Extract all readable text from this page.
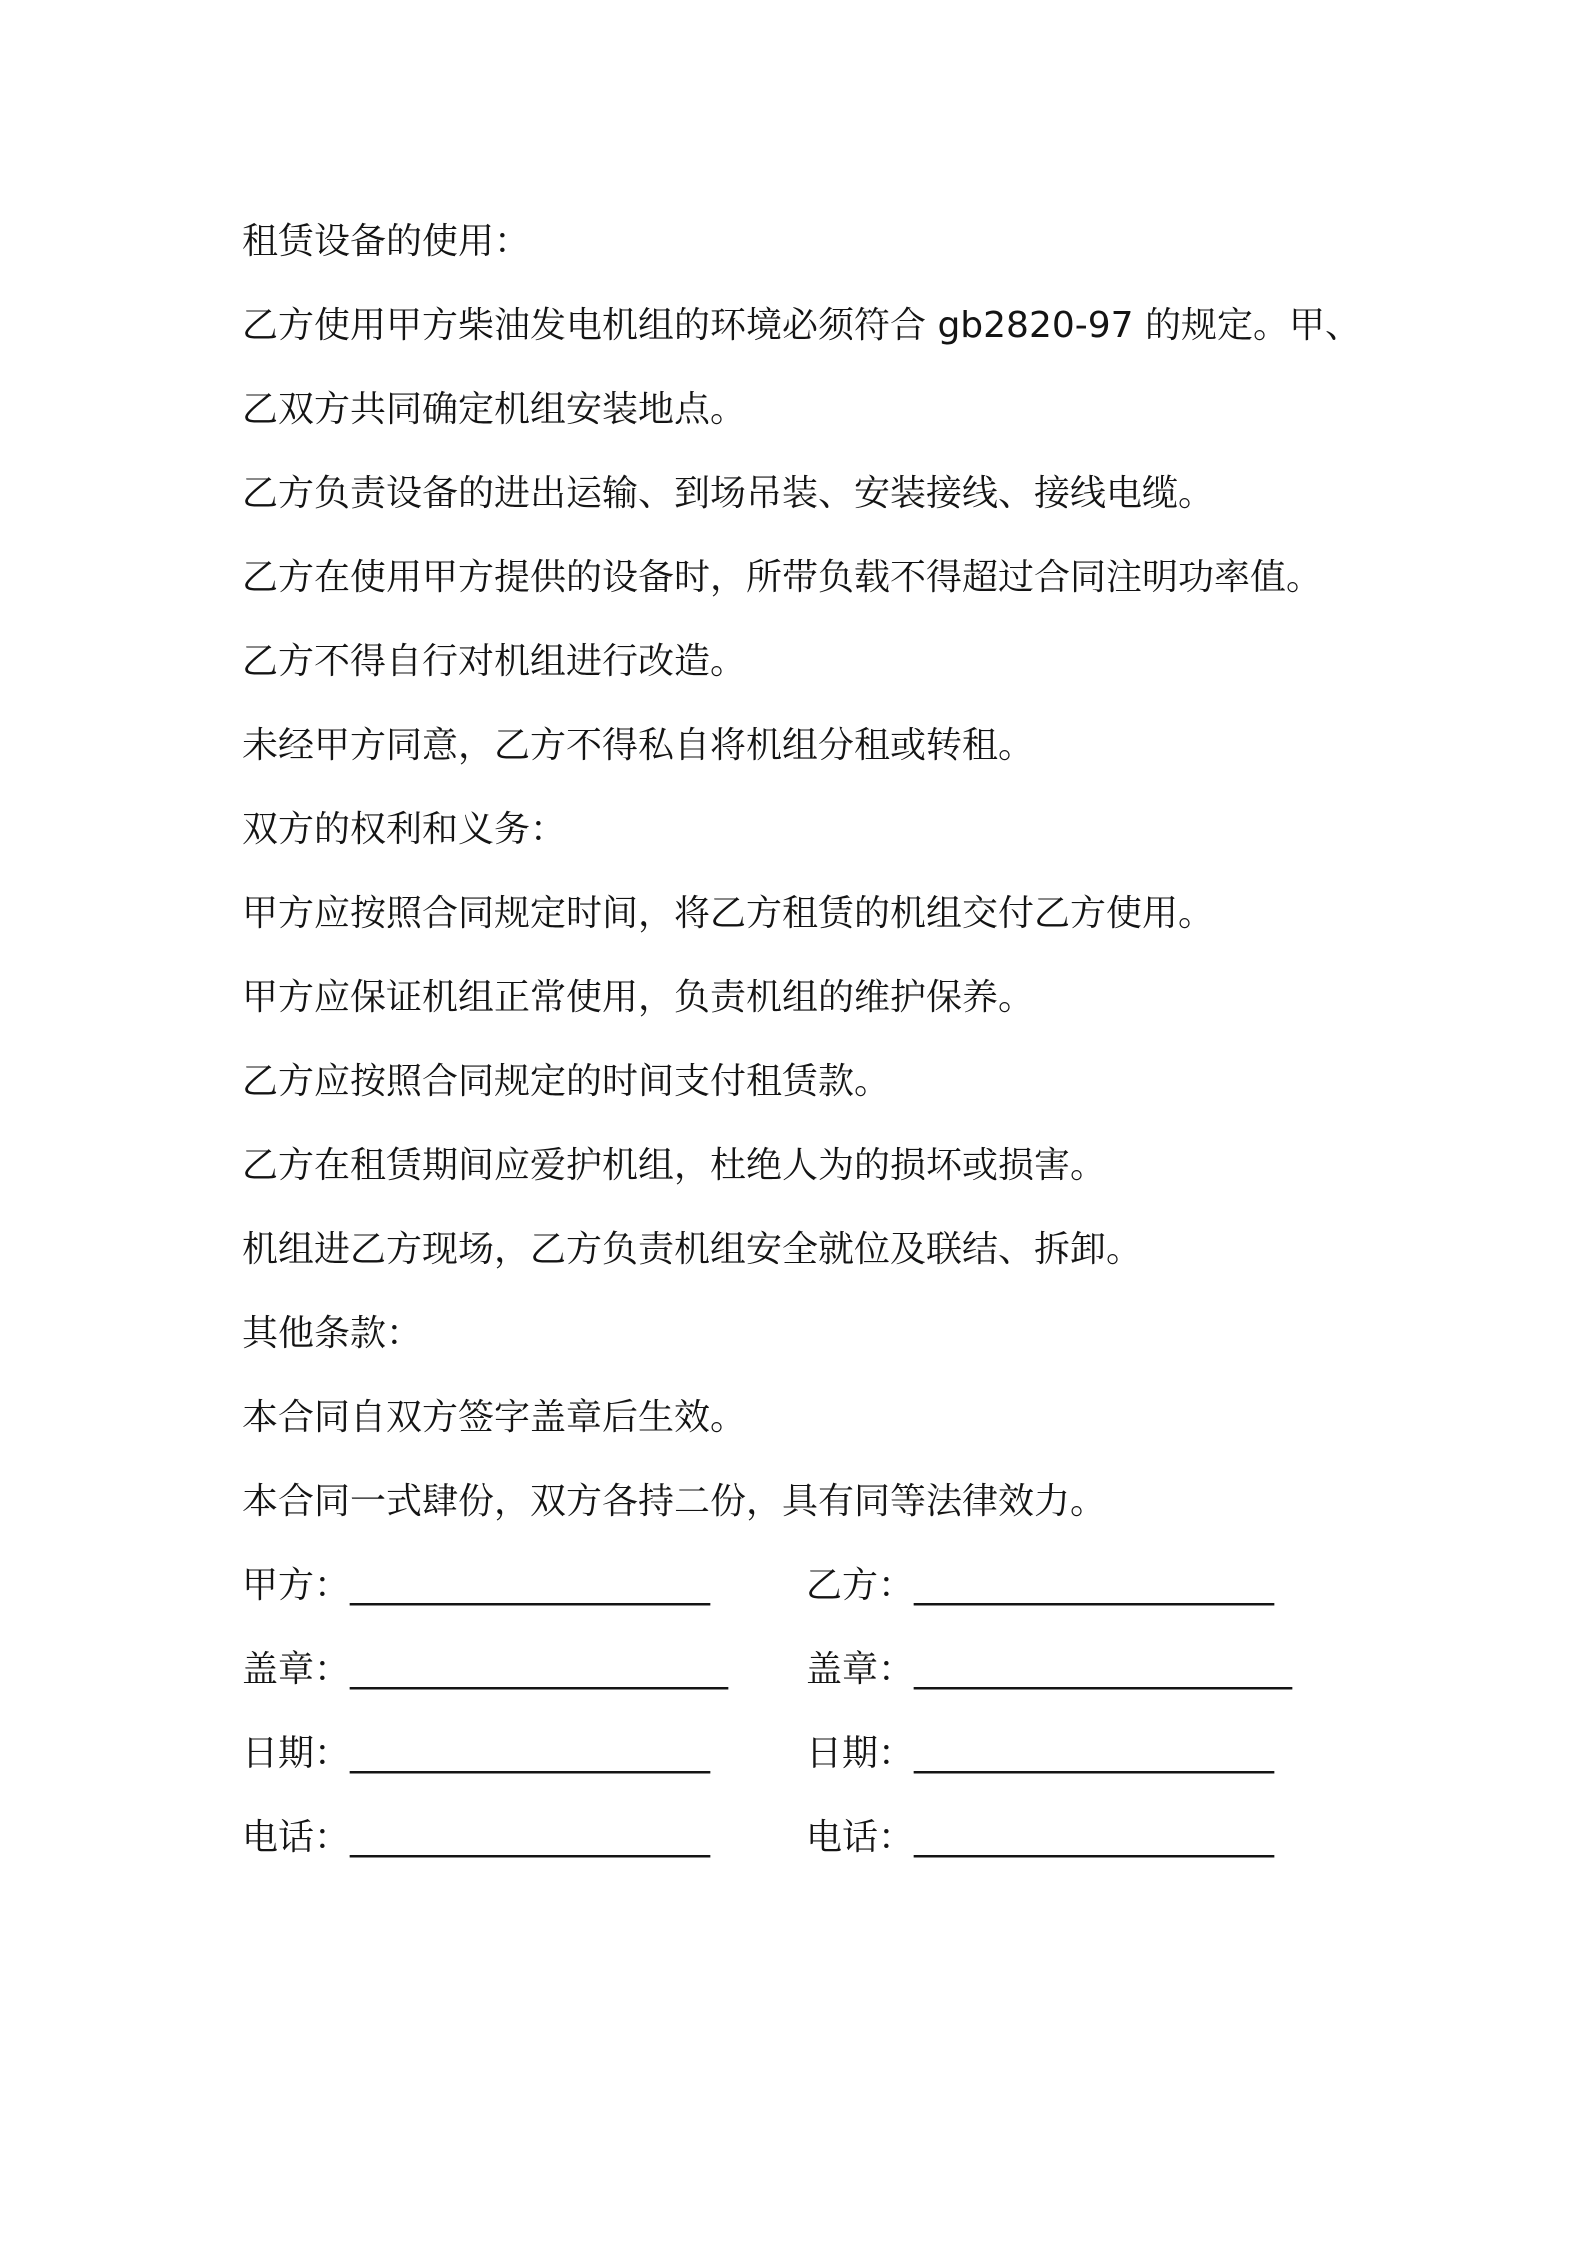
租赁设备的使用：

乙方使用甲方柴油发电机组的环境必须符合 gb2820-97 的规定。甲、

乙双方共同确定机组安装地点。

乙方负责设备的进出运输、到场吊装、安装接线、接线电缆。

乙方在使用甲方提供的设备时，所带负载不得超过合同注明功率值。

乙方不得自行对机组进行改造。

未经甲方同意，乙方不得私自将机组分租或转租。

双方的权利和义务：

甲方应按照合同规定时间，将乙方租赁的机组交付乙方使用。

甲方应保证机组正常使用，负责机组的维护保养。

乙方应按照合同规定的时间支付租赁款。

乙方在租赁期间应爱护机组，杜绝人为的损坏或损害。

机组进乙方现场，乙方负责机组安全就位及联结、拆卸。

其他条款：

本合同自双方签字盖章后生效。

本合同一式肆份，双方各持二份，具有同等法律效力。

甲方：____________________	乙方：____________________
盖章：_____________________ 盖章：_____________________
日期：____________________	日期：____________________
电话：____________________	电话：____________________
